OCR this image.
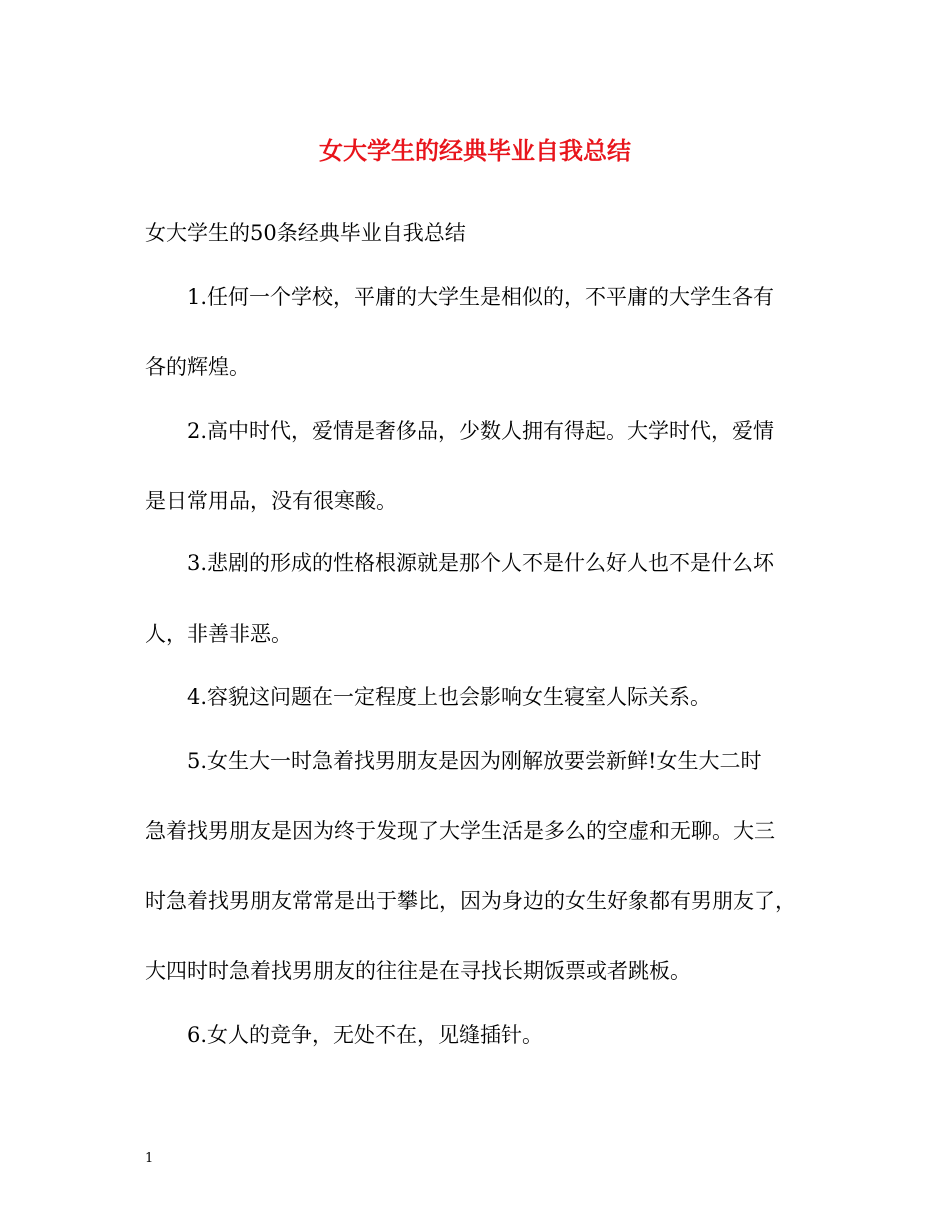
女大学生的经典毕业自我总结
女大学生的50条经典毕业自我总结
1.任何一个学校，平庸的大学生是相似的，不平庸的大学生各有
各的辉煌。
2.高中时代，爱情是奢侈品，少数人拥有得起。大学时代，爱情
是日常用品，没有很寒酸。
3.悲剧的形成的性格根源就是那个人不是什么好人也不是什么坏
人，非善非恶。
4.容貌这问题在一定程度上也会影响女生寝室人际关系。
5.女生大一时急着找男朋友是因为刚解放要尝新鲜!女生大二时
急着找男朋友是因为终于发现了大学生活是多么的空虚和无聊。大三
时急着找男朋友常常是出于攀比，因为身边的女生好象都有男朋友了，
大四时时急着找男朋友的往往是在寻找长期饭票或者跳板。
6.女人的竞争，无处不在，见缝插针。
1
